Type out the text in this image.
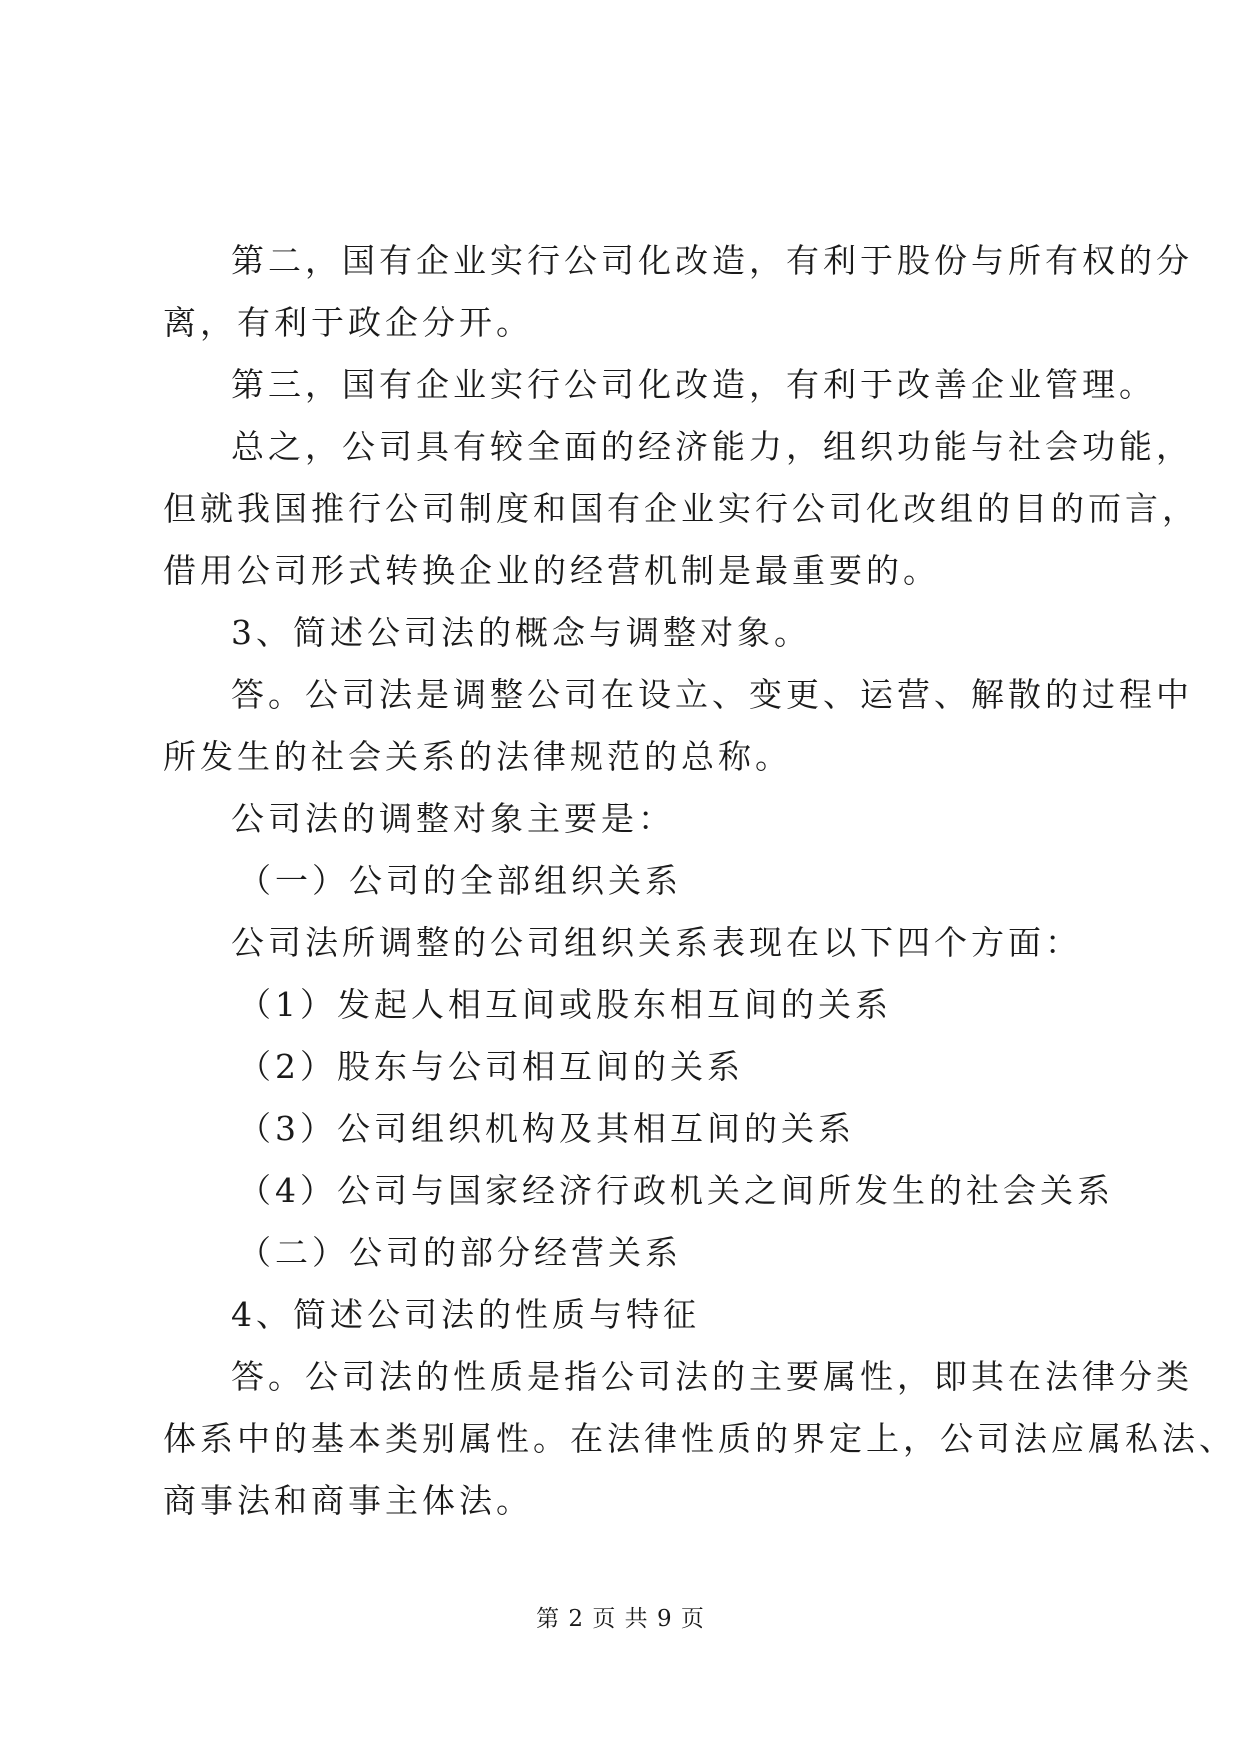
第二，国有企业实行公司化改造，有利于股份与所有权的分
离，有利于政企分开。
第三，国有企业实行公司化改造，有利于改善企业管理。
总之，公司具有较全面的经济能力，组织功能与社会功能，
但就我国推行公司制度和国有企业实行公司化改组的目的而言，
借用公司形式转换企业的经营机制是最重要的。
3、简述公司法的概念与调整对象。
答。公司法是调整公司在设立、变更、运营、解散的过程中
所发生的社会关系的法律规范的总称。
公司法的调整对象主要是：
（一）公司的全部组织关系
公司法所调整的公司组织关系表现在以下四个方面：
（1）发起人相互间或股东相互间的关系
（2）股东与公司相互间的关系
（3）公司组织机构及其相互间的关系
（4）公司与国家经济行政机关之间所发生的社会关系
（二）公司的部分经营关系
4、简述公司法的性质与特征
答。公司法的性质是指公司法的主要属性，即其在法律分类
体系中的基本类别属性。在法律性质的界定上，公司法应属私法、
商事法和商事主体法。
第 2 页 共 9 页
